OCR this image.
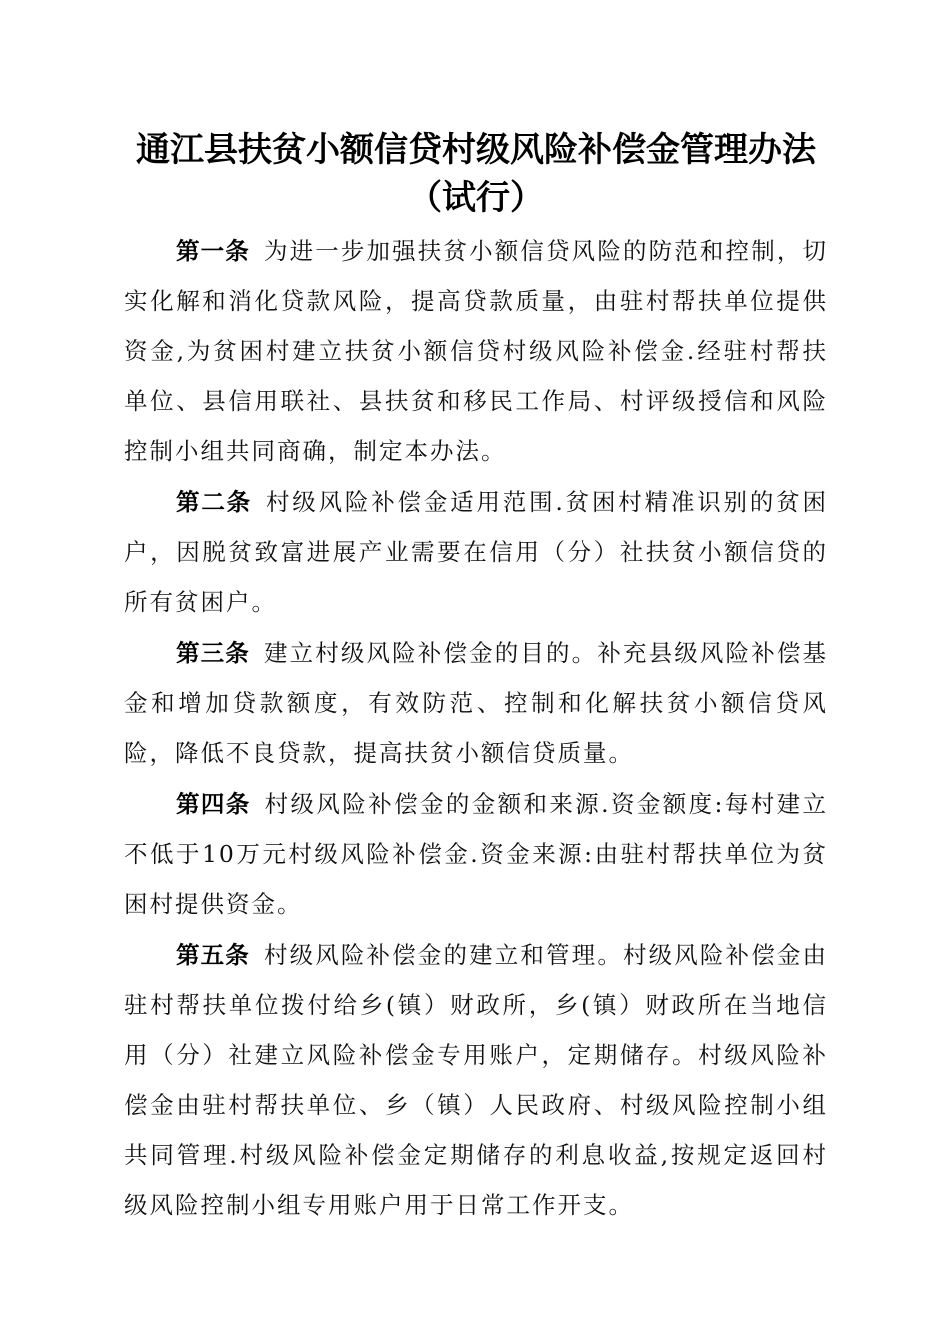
通江县扶贫小额信贷村级风险补偿金管理办法
（试行）

第一条 为进一步加强扶贫小额信贷风险的防范和控制，切实化解和消化贷款风险，提高贷款质量，由驻村帮扶单位提供资金,为贫困村建立扶贫小额信贷村级风险补偿金.经驻村帮扶单位、县信用联社、县扶贫和移民工作局、村评级授信和风险控制小组共同商确，制定本办法。

第二条 村级风险补偿金适用范围.贫困村精准识别的贫困户，因脱贫致富进展产业需要在信用（分）社扶贫小额信贷的所有贫困户。

第三条 建立村级风险补偿金的目的。补充县级风险补偿基金和增加贷款额度，有效防范、控制和化解扶贫小额信贷风险，降低不良贷款，提高扶贫小额信贷质量。

第四条 村级风险补偿金的金额和来源.资金额度:每村建立不低于10万元村级风险补偿金.资金来源:由驻村帮扶单位为贫困村提供资金。

第五条 村级风险补偿金的建立和管理。村级风险补偿金由驻村帮扶单位拨付给乡(镇）财政所，乡(镇）财政所在当地信用（分）社建立风险补偿金专用账户，定期储存。村级风险补偿金由驻村帮扶单位、乡（镇）人民政府、村级风险控制小组共同管理.村级风险补偿金定期储存的利息收益,按规定返回村级风险控制小组专用账户用于日常工作开支。
